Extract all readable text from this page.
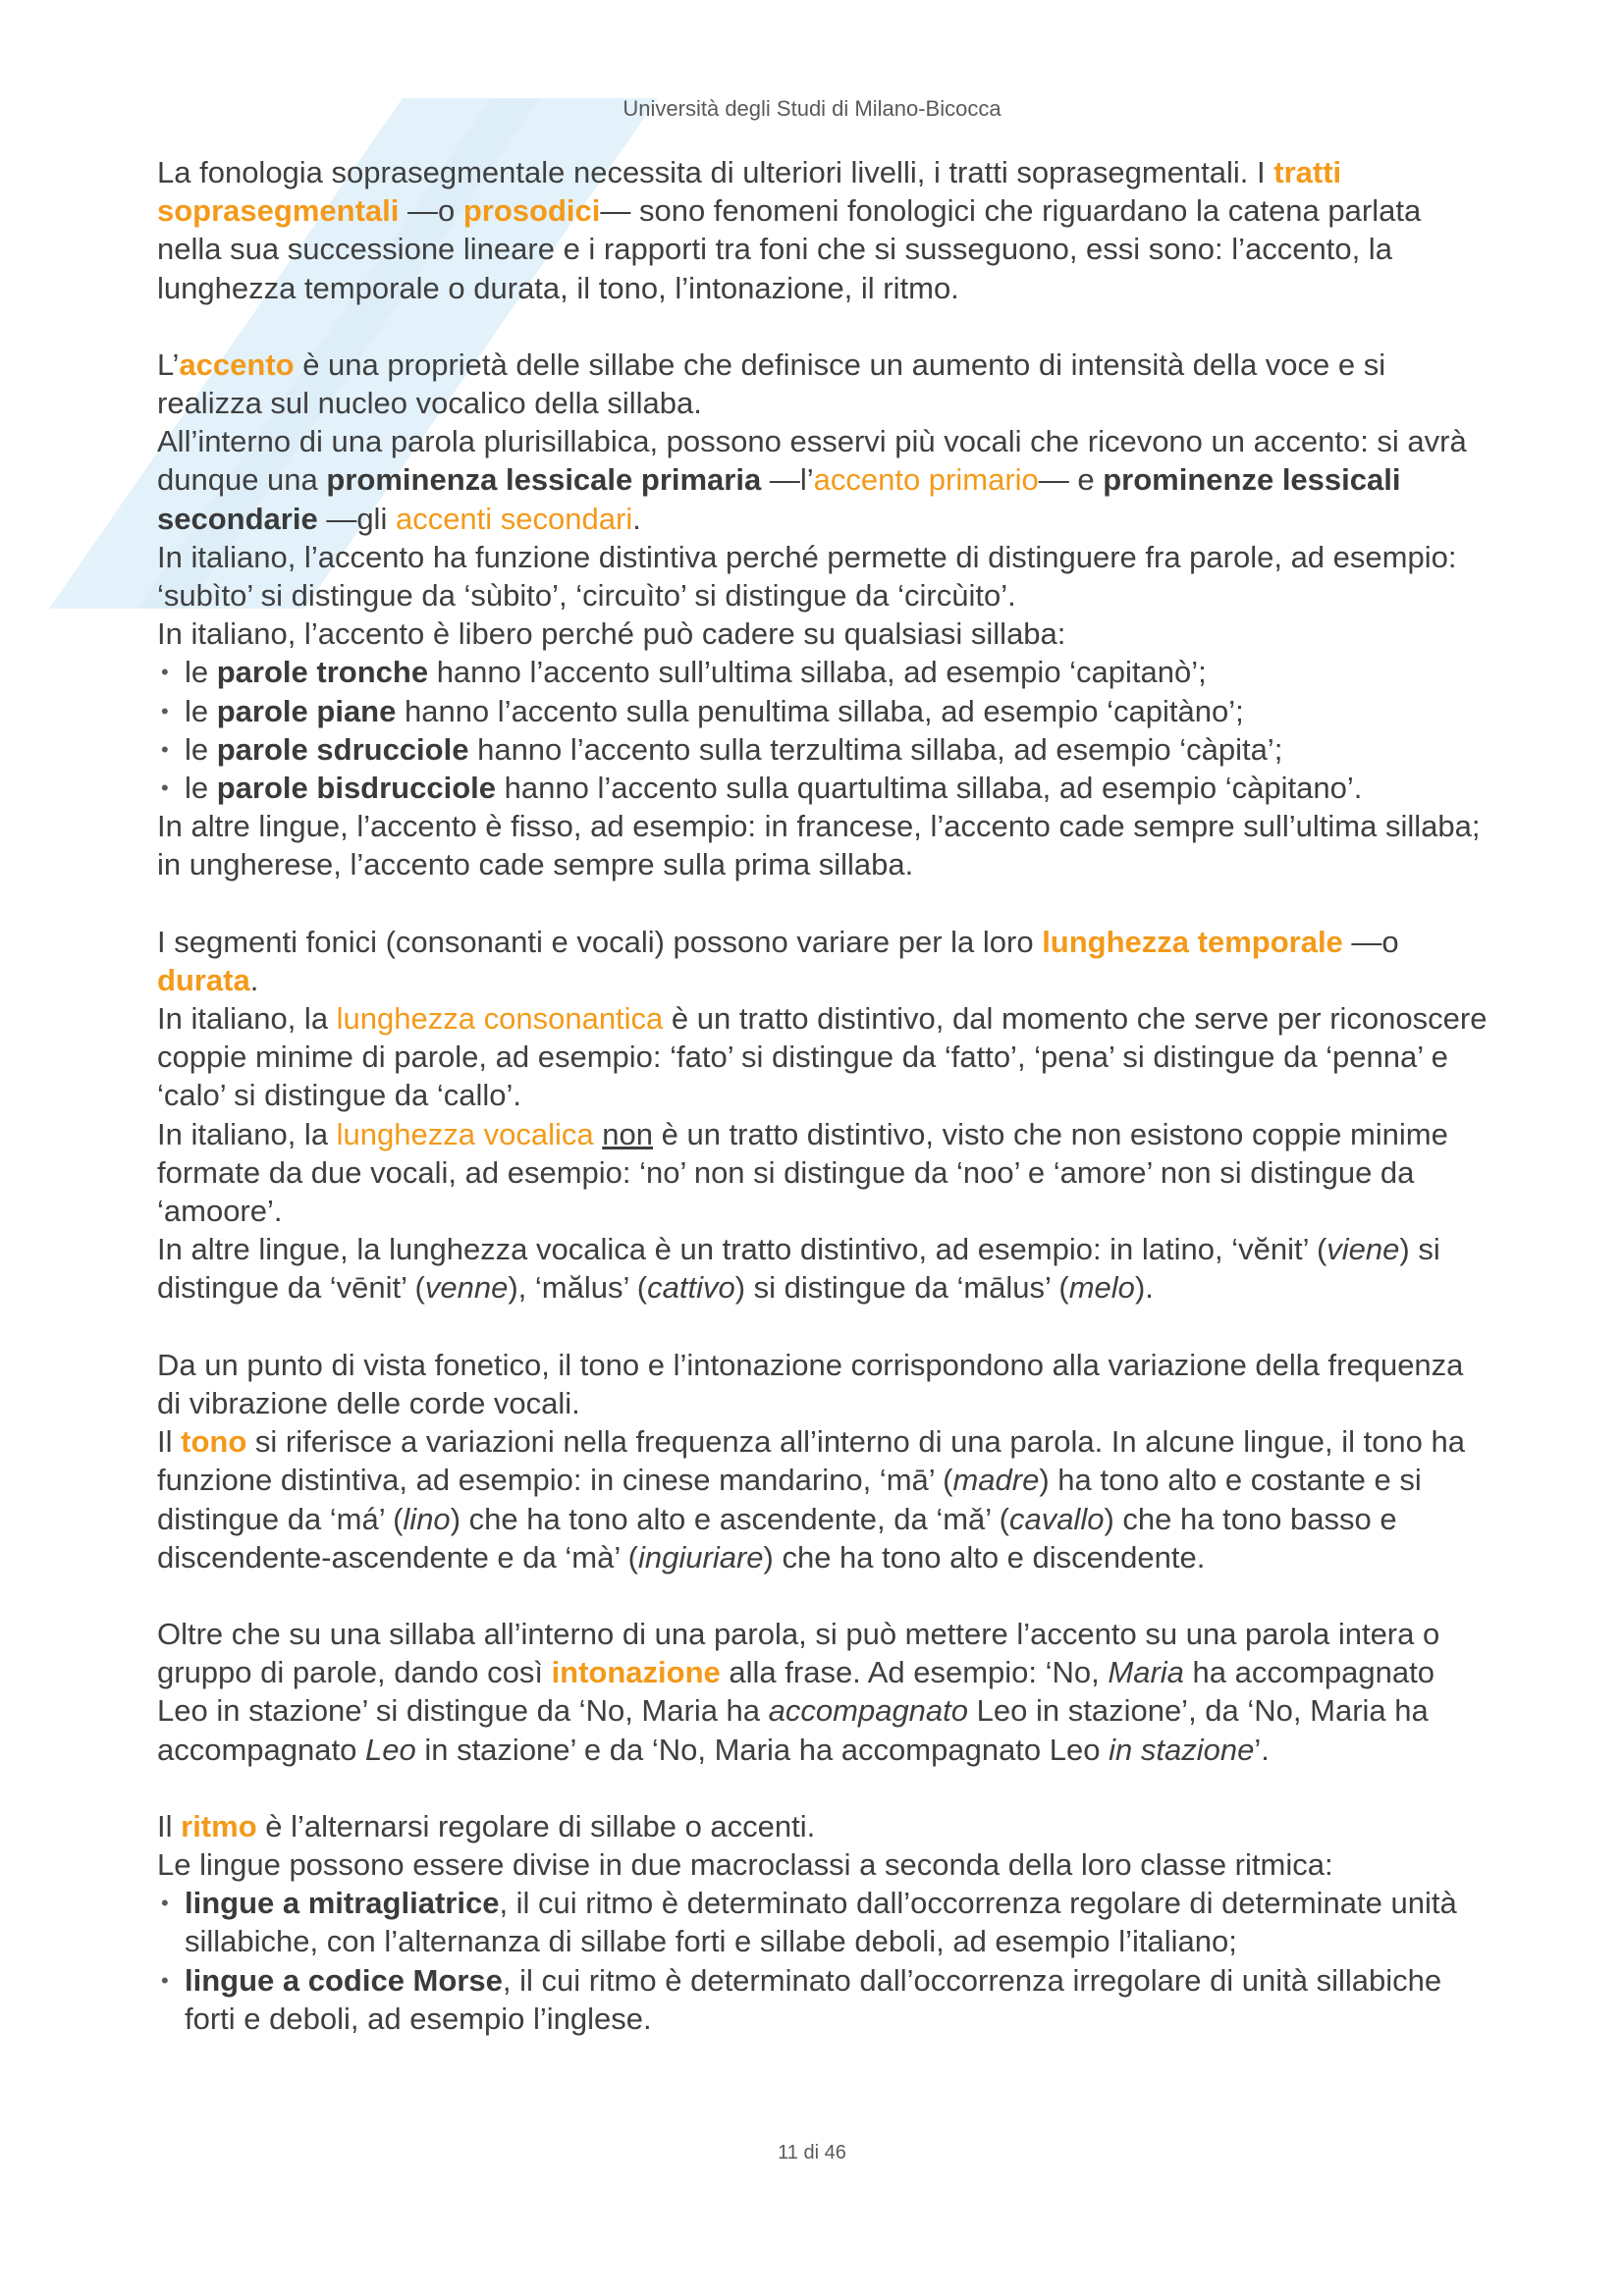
Università degli Studi di Milano-Bicocca

La fonologia soprasegmentale necessita di ulteriori livelli, i tratti soprasegmentali. I tratti soprasegmentali —o prosodici— sono fenomeni fonologici che riguardano la catena parlata nella sua successione lineare e i rapporti tra foni che si susseguono, essi sono: l’accento, la lunghezza temporale o durata, il tono, l’intonazione, il ritmo.

L’accento è una proprietà delle sillabe che definisce un aumento di intensità della voce e si realizza sul nucleo vocalico della sillaba.

All’interno di una parola plurisillabica, possono esservi più vocali che ricevono un accento: si avrà dunque una prominenza lessicale primaria —l’accento primario— e prominenze lessicali secondarie —gli accenti secondari.

In italiano, l’accento ha funzione distintiva perché permette di distinguere fra parole, ad esempio: ‘subìto’ si distingue da ‘sùbito’, ‘circuìto’ si distingue da ‘circùito’.

In italiano, l’accento è libero perché può cadere su qualsiasi sillaba:

• le parole tronche hanno l’accento sull’ultima sillaba, ad esempio ‘capitanò’;
• le parole piane hanno l’accento sulla penultima sillaba, ad esempio ‘capitàno’;
• le parole sdrucciole hanno l’accento sulla terzultima sillaba, ad esempio ‘càpita’;
• le parole bisdrucciole hanno l’accento sulla quartultima sillaba, ad esempio ‘càpitano’.

In altre lingue, l’accento è fisso, ad esempio: in francese, l’accento cade sempre sull’ultima sillaba; in ungherese, l’accento cade sempre sulla prima sillaba.

I segmenti fonici (consonanti e vocali) possono variare per la loro lunghezza temporale —o durata.

In italiano, la lunghezza consonantica è un tratto distintivo, dal momento che serve per riconoscere coppie minime di parole, ad esempio: ‘fato’ si distingue da ‘fatto’, ‘pena’ si distingue da ‘penna’ e ‘calo’ si distingue da ‘callo’.

In italiano, la lunghezza vocalica non è un tratto distintivo, visto che non esistono coppie minime formate da due vocali, ad esempio: ‘no’ non si distingue da ‘noo’ e ‘amore’ non si distingue da ‘amoore’.

In altre lingue, la lunghezza vocalica è un tratto distintivo, ad esempio: in latino, ‘vĕnit’ (viene) si distingue da ‘vēnit’ (venne), ‘mălus’ (cattivo) si distingue da ‘mālus’ (melo).

Da un punto di vista fonetico, il tono e l’intonazione corrispondono alla variazione della frequenza di vibrazione delle corde vocali.

Il tono si riferisce a variazioni nella frequenza all’interno di una parola. In alcune lingue, il tono ha funzione distintiva, ad esempio: in cinese mandarino, ‘mā’ (madre) ha tono alto e costante e si distingue da ‘má’ (lino) che ha tono alto e ascendente, da ‘mǎ’ (cavallo) che ha tono basso e discendente-ascendente e da ‘mà’ (ingiuriare) che ha tono alto e discendente.

Oltre che su una sillaba all’interno di una parola, si può mettere l’accento su una parola intera o gruppo di parole, dando così intonazione alla frase. Ad esempio: ‘No, Maria ha accompagnato Leo in stazione’ si distingue da ‘No, Maria ha accompagnato Leo in stazione’, da ‘No, Maria ha accompagnato Leo in stazione’ e da ‘No, Maria ha accompagnato Leo in stazione’.

Il ritmo è l’alternarsi regolare di sillabe o accenti.

Le lingue possono essere divise in due macroclassi a seconda della loro classe ritmica:

• lingue a mitragliatrice, il cui ritmo è determinato dall’occorrenza regolare di determinate unità sillabiche, con l’alternanza di sillabe forti e sillabe deboli, ad esempio l’italiano;
• lingue a codice Morse, il cui ritmo è determinato dall’occorrenza irregolare di unità sillabiche forti e deboli, ad esempio l’inglese.
11 di 46
